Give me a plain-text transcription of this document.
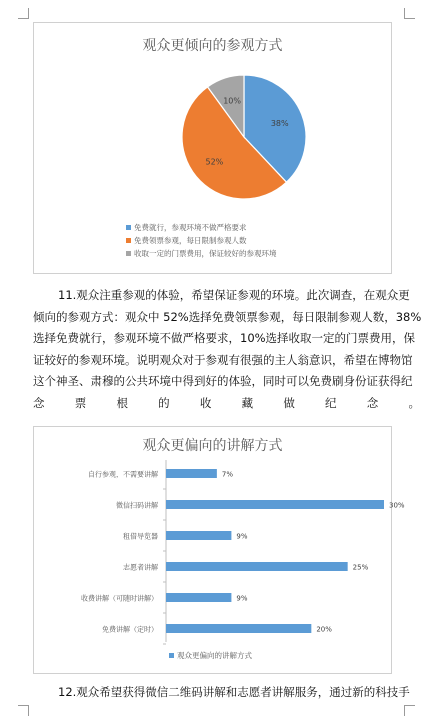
观众更倾向的参观方式
38%
52%
10%
免费就行，参观环境不做严格要求
免费领票参观，每日限制参观人数
收取一定的门票费用，保证较好的参观环境
11.观众注重参观的体验，希望保证参观的环境。此次调查，在观众更
倾向的参观方式：观众中 52%选择免费领票参观，每日限制参观人数，38%
选择免费就行，参观环境不做严格要求，10%选择收取一定的门票费用，保
证较好的参观环境。说明观众对于参观有很强的主人翁意识，希望在博物馆
这个神圣、肃穆的公共环境中得到好的体验，同时可以免费刷身份证获得纪
念 票 根 的 收 藏 做 纪 念 。
观众更偏向的讲解方式
自行参观，不需要讲解	7%
微信扫码讲解	30%
租借导览器	9%
志愿者讲解	25%
收费讲解（可随时讲解）	9%
免费讲解（定时）	20%
观众更偏向的讲解方式
12.观众希望获得微信二维码讲解和志愿者讲解服务，通过新的科技手
